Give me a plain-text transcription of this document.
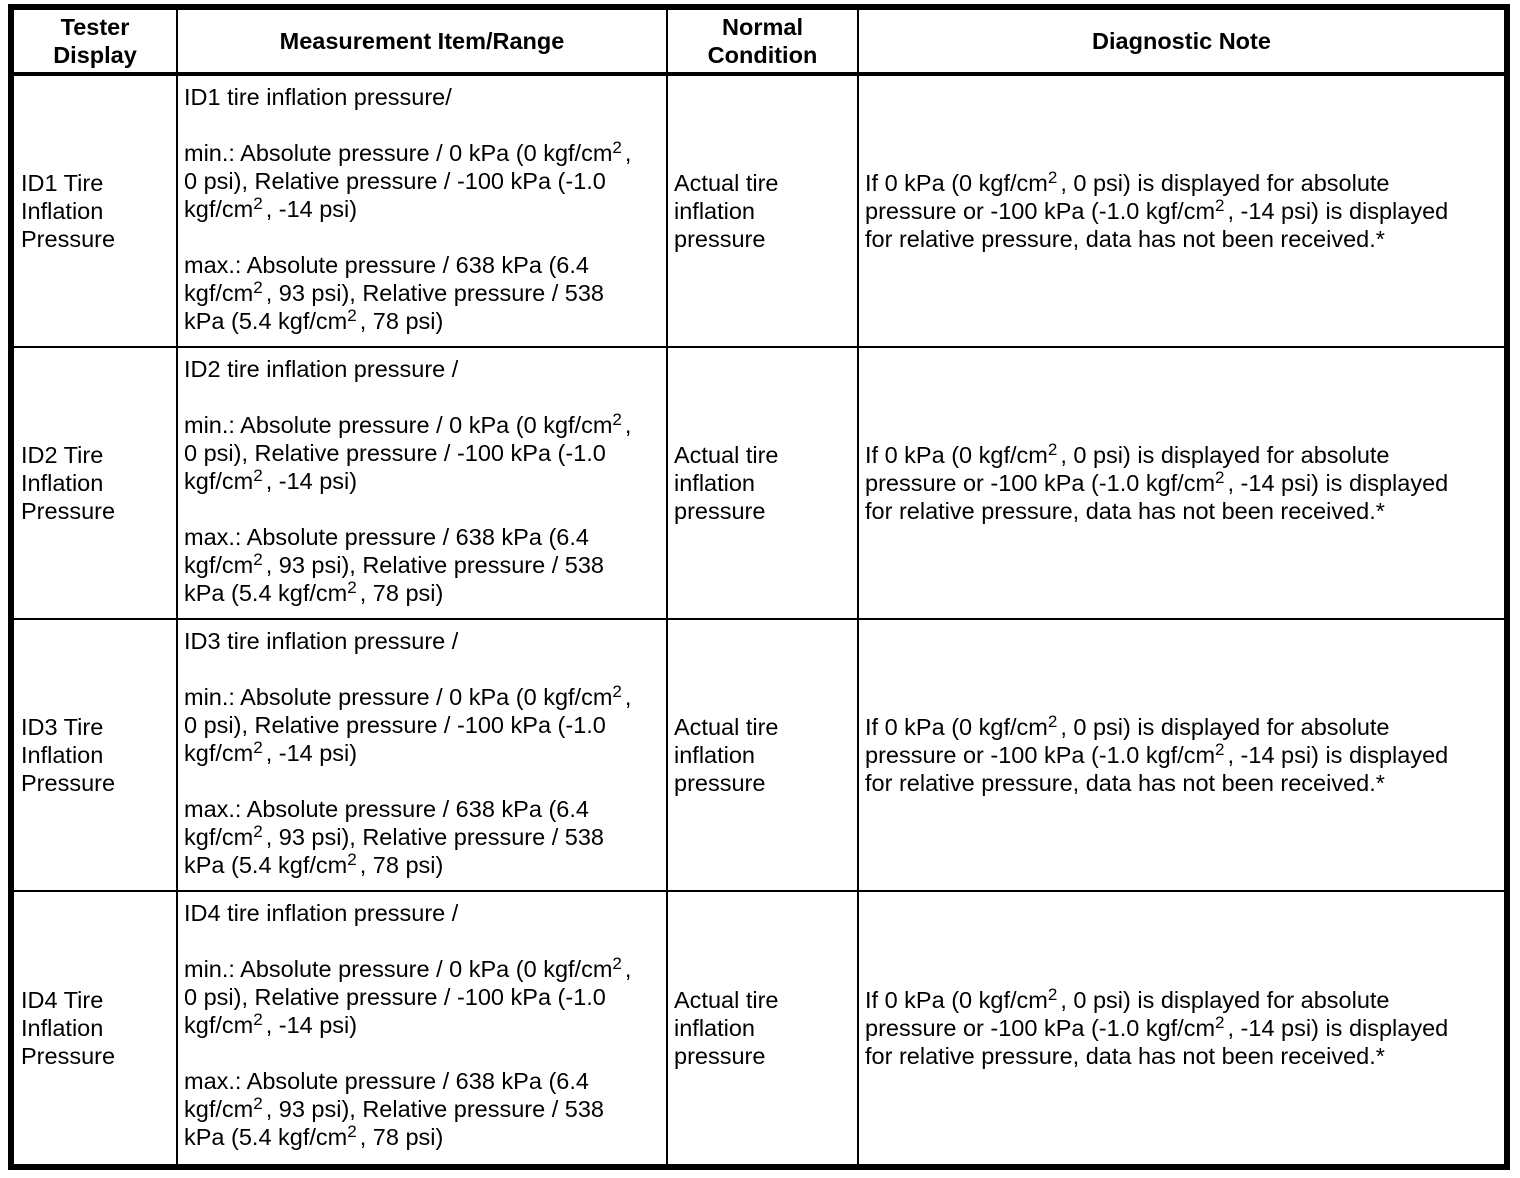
Tester Display	Measurement Item/Range	Normal Condition	Diagnostic Note
ID1 Tire Inflation Pressure	ID1 tire inflation pressure/
min.: Absolute pressure / 0 kPa (0 kgf/$cm^2$ , 0 psi), Relative pressure / -100 kPa (-1.0 kgf/$cm^2$ , -14 psi)
max.: Absolute pressure / 638 kPa (6.4 kgf/$cm^2$ , 93 psi), Relative pressure / 538 kPa (5.4 kgf/$cm^2$ , 78 psi)	Actual tire inflation pressure	If 0 kPa (0 kgf/$cm^2$ , 0 psi) is displayed for absolute pressure or -100 kPa (-1.0 kgf/$cm^2$ , -14 psi) is displayed for relative pressure, data has not been received.*
ID2 Tire Inflation Pressure	ID2 tire inflation pressure /
min.: Absolute pressure / 0 kPa (0 kgf/$cm^2$ , 0 psi), Relative pressure / -100 kPa (-1.0 kgf/$cm^2$ , -14 psi)
max.: Absolute pressure / 638 kPa (6.4 kgf/$cm^2$ , 93 psi), Relative pressure / 538 kPa (5.4 kgf/$cm^2$ , 78 psi)	Actual tire inflation pressure	If 0 kPa (0 kgf/$cm^2$ , 0 psi) is displayed for absolute pressure or -100 kPa (-1.0 kgf/$cm^2$ , -14 psi) is displayed for relative pressure, data has not been received.*
ID3 Tire Inflation Pressure	ID3 tire inflation pressure /
min.: Absolute pressure / 0 kPa (0 kgf/$cm^2$ , 0 psi), Relative pressure / -100 kPa (-1.0 kgf/$cm^2$ , -14 psi)
max.: Absolute pressure / 638 kPa (6.4 kgf/$cm^2$ , 93 psi), Relative pressure / 538 kPa (5.4 kgf/$cm^2$ , 78 psi)	Actual tire inflation pressure	If 0 kPa (0 kgf/$cm^2$ , 0 psi) is displayed for absolute pressure or -100 kPa (-1.0 kgf/$cm^2$ , -14 psi) is displayed for relative pressure, data has not been received.*
ID4 Tire Inflation Pressure	ID4 tire inflation pressure /
min.: Absolute pressure / 0 kPa (0 kgf/$cm^2$ , 0 psi), Relative pressure / -100 kPa (-1.0 kgf/$cm^2$ , -14 psi)
max.: Absolute pressure / 638 kPa (6.4 kgf/$cm^2$ , 93 psi), Relative pressure / 538 kPa (5.4 kgf/$cm^2$ , 78 psi)	Actual tire inflation pressure	If 0 kPa (0 kgf/$cm^2$ , 0 psi) is displayed for absolute pressure or -100 kPa (-1.0 kgf/$cm^2$ , -14 psi) is displayed for relative pressure, data has not been received.*
